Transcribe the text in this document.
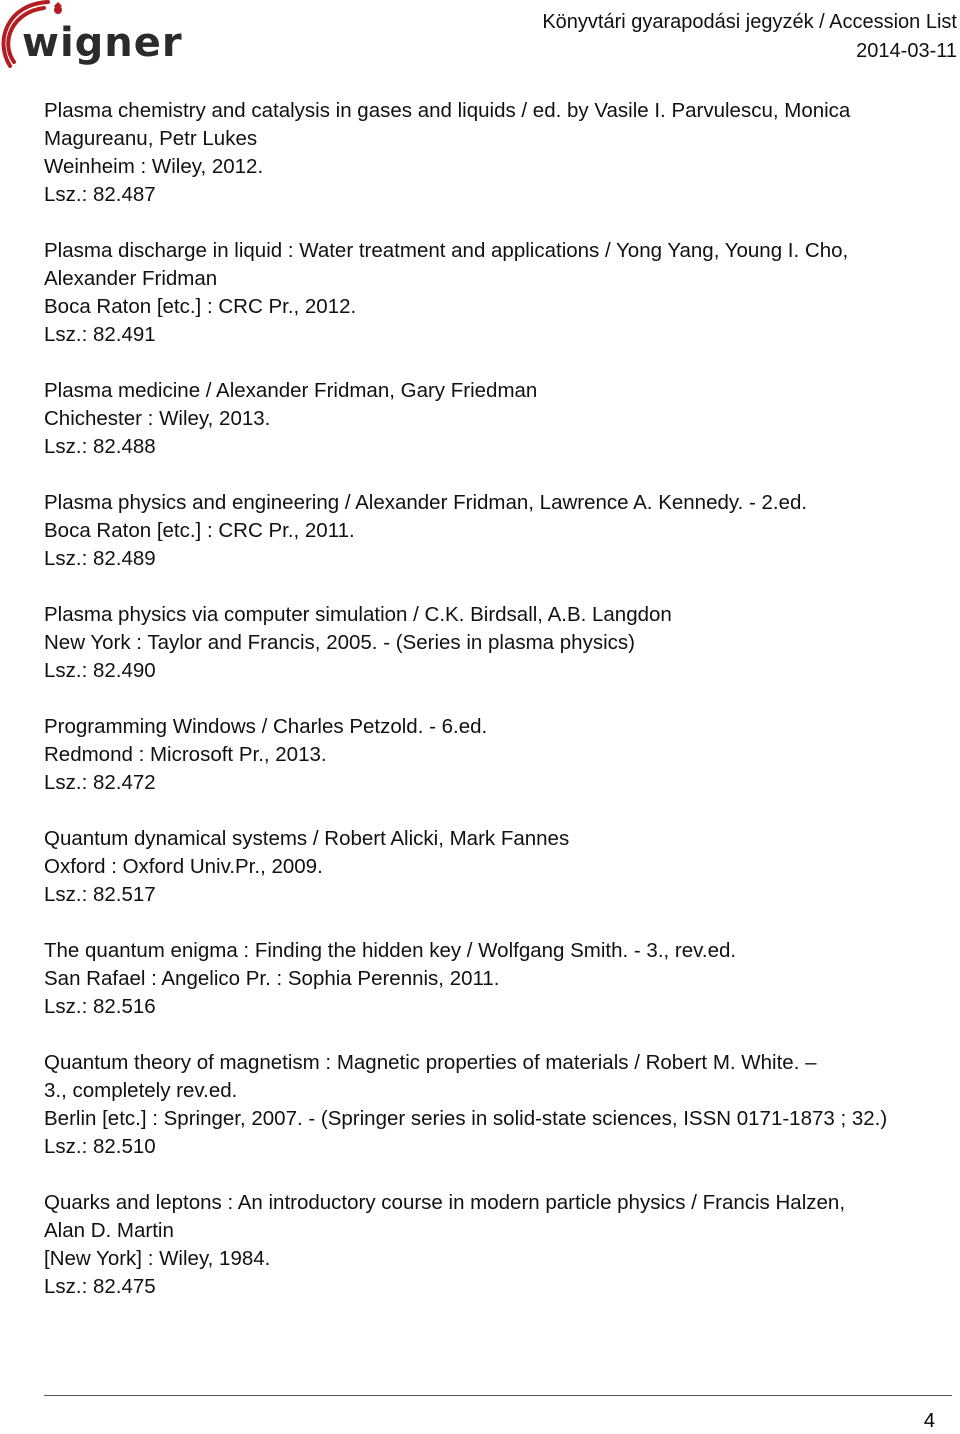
wigner	Könyvtári gyarapodási jegyzék / Accession List
2014-03-11
Plasma chemistry and catalysis in gases and liquids / ed. by Vasile I. Parvulescu, Monica
Magureanu, Petr Lukes
Weinheim : Wiley, 2012.
Lsz.: 82.487
Plasma discharge in liquid : Water treatment and applications / Yong Yang, Young I. Cho,
Alexander Fridman
Boca Raton [etc.] : CRC Pr., 2012.
Lsz.: 82.491
Plasma medicine / Alexander Fridman, Gary Friedman
Chichester : Wiley, 2013.
Lsz.: 82.488
Plasma physics and engineering / Alexander Fridman, Lawrence A. Kennedy. - 2.ed.
Boca Raton [etc.] : CRC Pr., 2011.
Lsz.: 82.489
Plasma physics via computer simulation / C.K. Birdsall, A.B. Langdon
New York : Taylor and Francis, 2005. - (Series in plasma physics)
Lsz.: 82.490
Programming Windows / Charles Petzold. - 6.ed.
Redmond : Microsoft Pr., 2013.
Lsz.: 82.472
Quantum dynamical systems / Robert Alicki, Mark Fannes
Oxford : Oxford Univ.Pr., 2009.
Lsz.: 82.517
The quantum enigma : Finding the hidden key / Wolfgang Smith. - 3., rev.ed.
San Rafael : Angelico Pr. : Sophia Perennis, 2011.
Lsz.: 82.516
Quantum theory of magnetism : Magnetic properties of materials / Robert M. White. –
3., completely rev.ed.
Berlin [etc.] : Springer, 2007. - (Springer series in solid-state sciences, ISSN 0171-1873 ; 32.)
Lsz.: 82.510
Quarks and leptons : An introductory course in modern particle physics / Francis Halzen,
Alan D. Martin
[New York] : Wiley, 1984.
Lsz.: 82.475
4
